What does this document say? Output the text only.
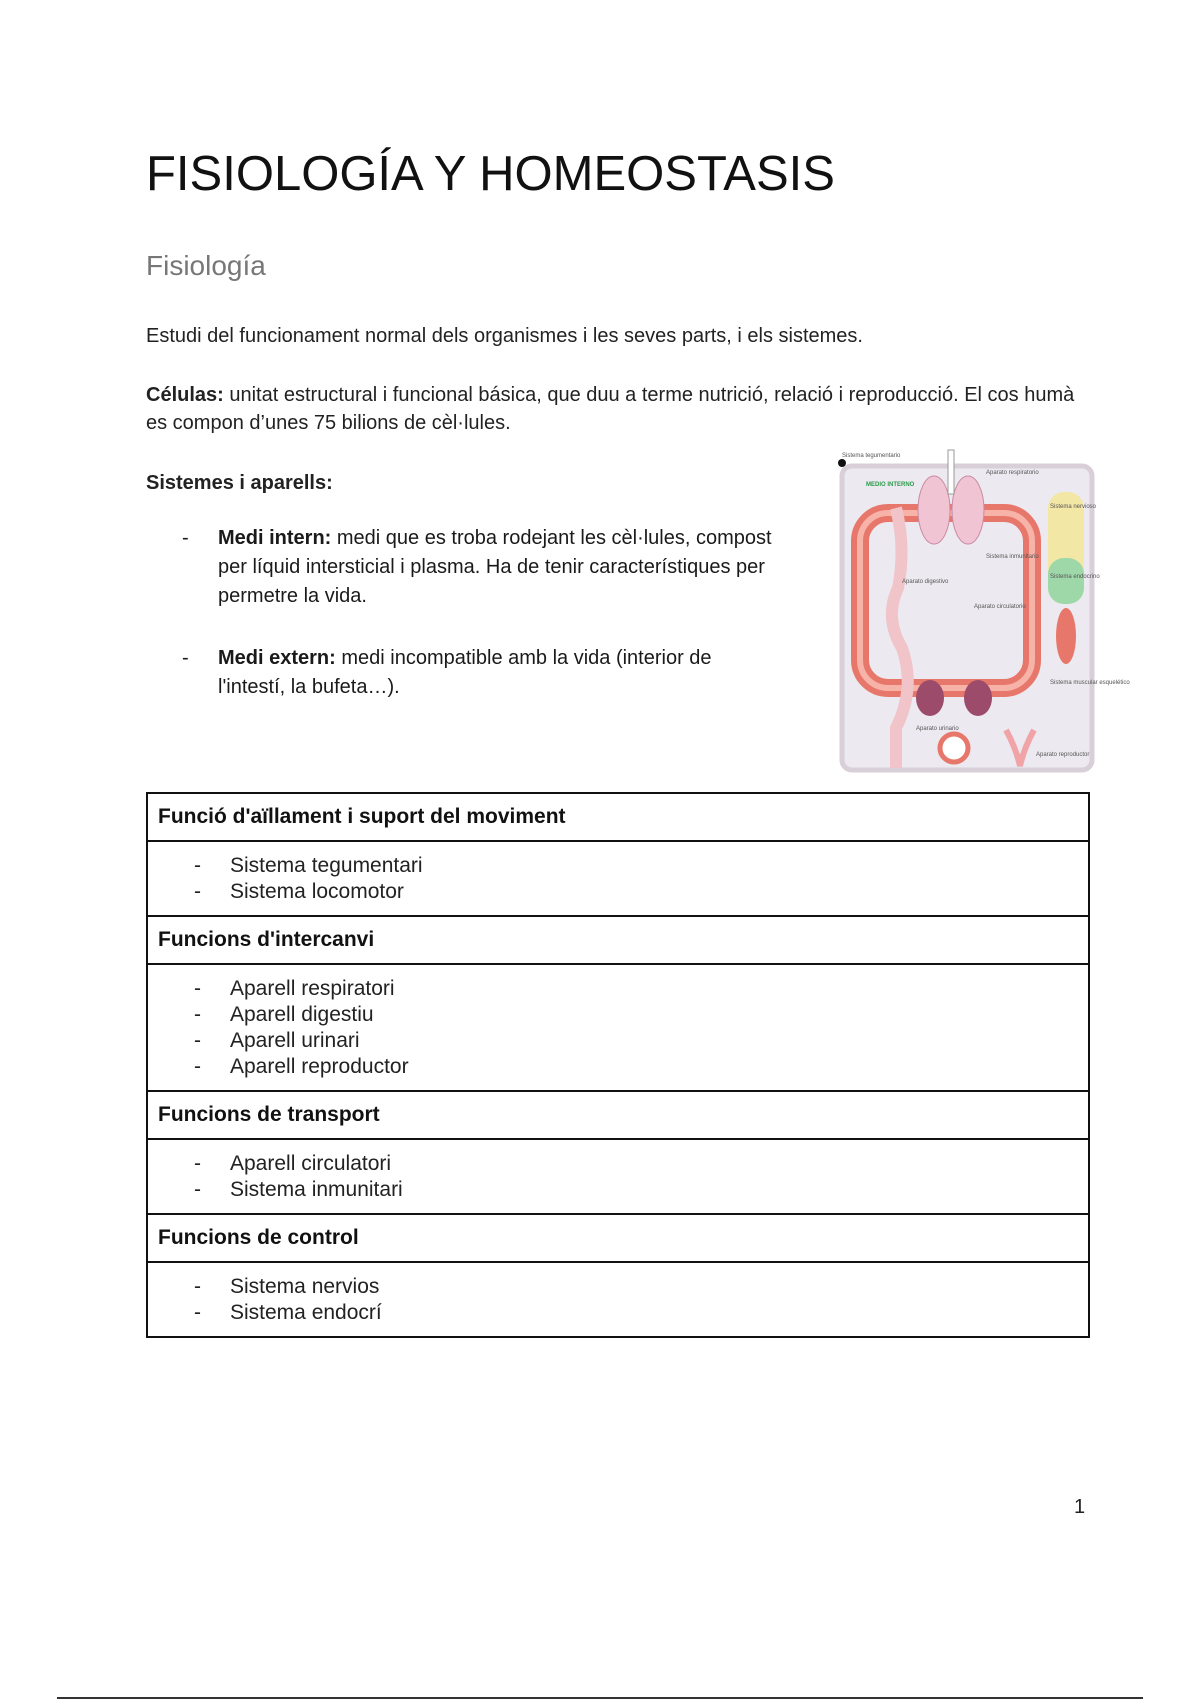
FISIOLOGÍA Y HOMEOSTASIS
Fisiología
Estudi del funcionament normal dels organismes i les seves parts, i els sistemes.
Células: unitat estructural i funcional básica, que duu a terme nutrició, relació i reproducció. El cos humà es compon d’unes 75 bilions de cèl·lules.
Sistemes i aparells:
- Medi intern: medi que es troba rodejant les cèl·lules, compost per líquid intersticial i plasma. Ha de tenir característiques per permetre la vida.
- Medi extern: medi incompatible amb la vida (interior de l'intestí, la bufeta…).
Sistema tegumentario
MEDIO INTERNO
Aparato respiratorio
Sistema nervioso
Sistema endocrino
Aparato digestivo
Sistema inmunitario
Aparato circulatorio
Sistema muscular esquelético
Aparato urinario
Aparato reproductor
Funció d'aïllament i suport del moviment
- Sistema tegumentari
- Sistema locomotor
Funcions d'intercanvi
- Aparell respiratori
- Aparell digestiu
- Aparell urinari
- Aparell reproductor
Funcions de transport
- Aparell circulatori
- Sistema inmunitari
Funcions de control
- Sistema nervios
- Sistema endocrí
1
